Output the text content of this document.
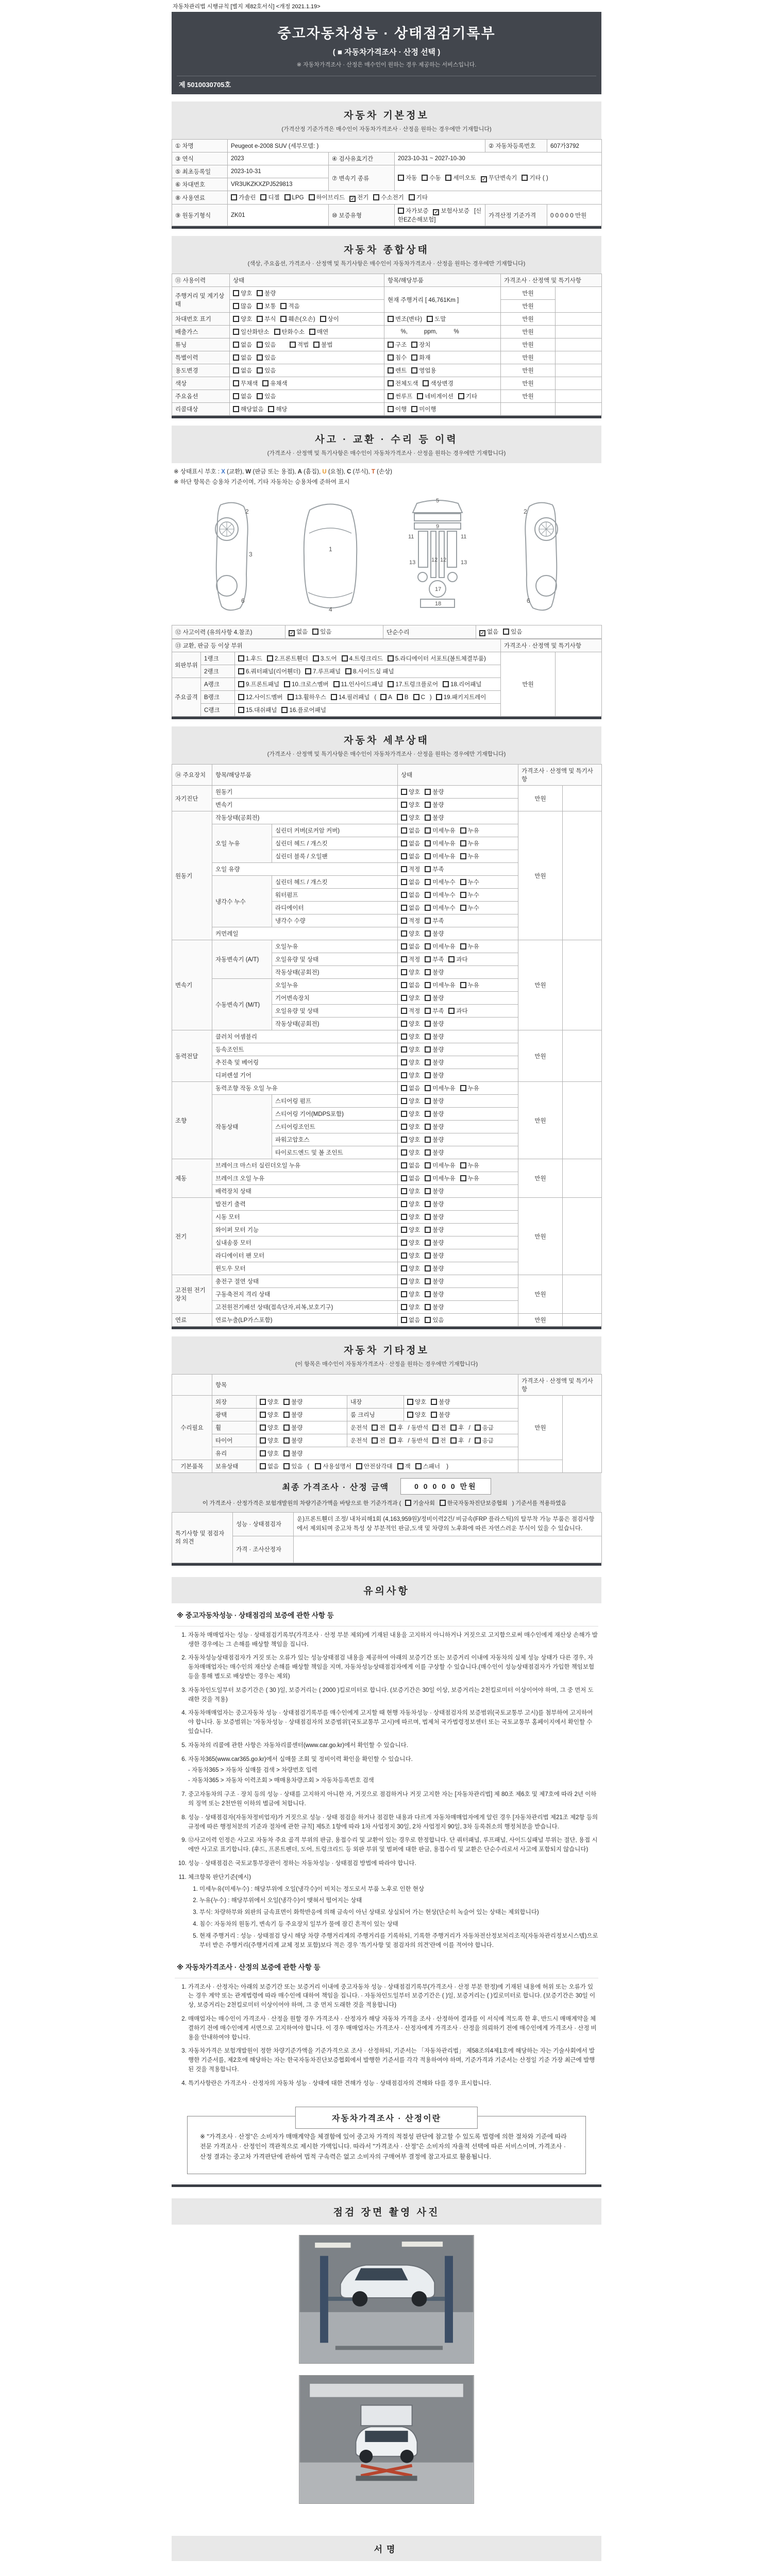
자동차관리법 시행규칙 [별지 제82호서식] <개정 2021.1.19>
중고자동차성능 · 상태점검기록부
( ■ 자동차가격조사 · 산정 선택 )
※ 자동차가격조사 · 산정은 매수인이 원하는 경우 제공하는 서비스입니다.
제 5010030705호
자동차 기본정보
(가격산정 기준가격은 매수인이 자동차가격조사 · 산정을 원하는 경우에만 기재합니다)
① 차명	Peugeot e-2008 SUV (세부모델: )			② 자동차등록번호	607가3792
③ 연식	2023	④ 검사유효기간	2023-10-31 ~ 2027-10-30		
⑤ 최초등록일	2023-10-31	⑦ 변속기 종류	자동 수동 세미오토 ✓ 무단변속기 기타 ( )		
⑥ 차대번호	VR3UKZKXZPJ529813				
⑧ 사용연료	가솔린 디젤 LPG 하이브리드 ✓ 전기 수소전기 기타				
⑨ 원동기형식	ZK01	⑩ 보증유형	자가보증 ✓ 보험사보증 [신한EZ손해보험]	가격산정 기준가격	0 0 0 0 0 만원
자동차 종합상태
(색상, 주요옵션, 가격조사 · 산정액 및 특기사항은 매수인이 자동차가격조사 · 산정을 원하는 경우에만 기재합니다)
⑪ 사용이력	상태	항목/해당부품	가격조사 · 산정액 및 특기사항	
주행거리 및 계기상태	양호 불량	현재 주행거리 [ 46,761Km ]	만원	
	많음 보통 적음		만원	
차대번호 표기	양호 부식 훼손(오손) 상이	변조(변타) 도말	만원	
배출가스	일산화탄소 탄화수소 매연	%,          ppm,          %	만원	
튜닝	없음 있음 적법 불법	구조 장치	만원	
특별이력	없음 있음	침수 화재	만원	
용도변경	없음 있음	렌트 영업용	만원	
색상	무채색 유채색	전체도색 색상변경	만원	
주요옵션	없음 있음	썬루프 네비게이션 기타	만원	
리콜대상	해당없음 해당	이행 미이행		
사고 · 교환 · 수리 등 이력
(가격조사 · 산정액 및 특기사항은 매수인이 자동차가격조사 · 산정을 원하는 경우에만 기재합니다)
※ 상태표시 부호 : X (교환), W (판금 또는 용접), A (흠집), U (요철), C (부식), T (손상)
※ 하단 항목은 승용차 기준이며, 기타 자동차는 승용차에 준하여 표시
2
3
6
1
4
5
9
11	11
13	12 12	13
17
18
2
6
⑫ 사고이력 (유의사항 4.참조)	✓ 없음 있음	단순수리	✓ 없음 있음
⑬ 교환, 판금 등 이상 부위			가격조사 · 산정액 및 특기사항	
외판부위	1랭크	1.후드 2.프론트휀더 3.도어 4.트렁크리드 5.라디에이터 서포트(볼트체결부품)	만원	
	2랭크	6.쿼터패널(리어휀더) 7.루프패널 8.사이드실 패널		
주요골격	A랭크	9.프론트패널 10.크로스멤버 11.인사이드패널 17.트렁크플로어 18.리어패널		
	B랭크	12.사이드멤버 13.휠하우스 14.필러패널 ( A B C ) 19.패키지트레이		
	C랭크	15.대쉬패널 16.플로어패널		
자동차 세부상태
(가격조사 · 산정액 및 특기사항은 매수인이 자동차가격조사 · 산정을 원하는 경우에만 기재합니다)
⑭ 주요장치	항목/해당부품		상태	가격조사 · 산정액 및 특기사항	
자기진단	원동기		양호 불량	만원	
	변속기		양호 불량		
원동기	작동상태(공회전)		양호 불량	만원	
	오일 누유	실린더 커버(로커암 커버)	없음 미세누유 누유		
		실린더 헤드 / 개스킷	없음 미세누유 누유		
		실린더 블록 / 오일팬	없음 미세누유 누유		
	오일 유량		적정 부족		
	냉각수 누수	실린더 헤드 / 개스킷	없음 미세누수 누수		
		워터펌프	없음 미세누수 누수		
		라디에이터	없음 미세누수 누수		
		냉각수 수량	적정 부족		
	커먼레일		양호 불량		
변속기	자동변속기 (A/T)	오일누유	없음 미세누유 누유	만원	
		오일유량 및 상태	적정 부족 과다		
		작동상태(공회전)	양호 불량		
	수동변속기 (M/T)	오일누유	없음 미세누유 누유		
		기어변속장치	양호 불량		
		오일유량 및 상태	적정 부족 과다		
		작동상태(공회전)	양호 불량		
동력전달	클러치 어셈블리		양호 불량	만원	
	등속조인트		양호 불량		
	추진축 및 베어링		양호 불량		
	디퍼렌셜 기어		양호 불량		
조향	동력조향 작동 오일 누유		없음 미세누유 누유	만원	
	작동상태	스티어링 펌프	양호 불량		
		스티어링 기어(MDPS포함)	양호 불량		
		스티어링조인트	양호 불량		
		파워고압호스	양호 불량		
		타이로드엔드 및 볼 조인트	양호 불량		
제동	브레이크 마스터 실린더오일 누유		없음 미세누유 누유	만원	
	브레이크 오일 누유		없음 미세누유 누유		
	배력장치 상태		양호 불량		
전기	발전기 출력		양호 불량	만원	
	시동 모터		양호 불량		
	와이퍼 모터 기능		양호 불량		
	실내송풍 모터		양호 불량		
	라디에이터 팬 모터		양호 불량		
	윈도우 모터		양호 불량		
고전원 전기장치	충전구 절연 상태		양호 불량	만원	
	구동축전지 격리 상태		양호 불량		
	고전원전기배선 상태(접속단자,피복,보호기구)		양호 불량		
연료	연료누출(LP가스포함)		없음 있음	만원	
자동차 기타정보
(이 항목은 매수인이 자동차가격조사 · 산정을 원하는 경우에만 기재합니다)
	항목				가격조사 · 산정액 및 특기사항	
수리필요	외장	양호 불량	내장	양호 불량	만원	
	광택	양호 불량	룸 크리닝	양호 불량		
	휠	양호 불량	운전석 전 후 / 동반석 전 후 / 응급			
	타이어	양호 불량	운전석 전 후 / 동반석 전 후 / 응급			
	유리	양호 불량				
기본품목	보유상태	없음 있음 ( 사용설명서 안전삼각대 잭 스패너 )				
최종 가격조사 · 산정 금액	0 0 0 0 0 만원
이 가격조사 · 산정가격은 보험개발원의 차량기준가액을 바탕으로 한 기준가격과 ( 기술사회 한국자동차진단보증협회 ) 기준서를 적용하였음
특기사항 및 점검자의 의견	성능 · 상태점검자	운)프론트휀더 조정/ 내차피해1회 (4,163,959원)/정비이력2건/ 비금속(FRP 플라스틱)의 탈부착 가능 부품은 점검사항에서 제외되며 중고차 특성 상 부분적인 판금,도색 및 차량의 노후화에 따른 자연스러운 부식이 있을 수 있습니다.
	가격 · 조사산정자	
유의사항
※ 중고자동차성능 · 상태점검의 보증에 관한 사항 등
1. 자동차 매매업자는 성능 · 상태점검기록부(가격조사 · 산정 부분 제외)에 기재된 내용을 고지하지 아니하거나 거짓으로 고지함으로써 매수인에게 재산상 손해가 발생한 경우에는 그 손해를 배상할 책임을 집니다.
2. 자동차성능상태점검자가 거짓 또는 오류가 있는 성능상태점검 내용을 제공하여 아래의 보증기간 또는 보증거리 이내에 자동차의 실제 성능 상태가 다른 경우, 자동차매매업자는 매수인의 재산상 손해를 배상할 책임을 지며, 자동차성능상태점검자에게 이를 구상할 수 있습니다.(매수인이 성능상태점검자가 가입한 책임보험 등을 통해 별도로 배상받는 경우는 제외)
3. 자동차인도일부터 보증기간은 ( 30 )일, 보증거리는 ( 2000 )킬로미터로 합니다. (보증기간은 30일 이상, 보증거리는 2천킬로미터 이상이어야 하며, 그 중 먼저 도래한 것을 적용)
4. 자동차매매업자는 중고자동차 성능 · 상태점검기록부를 매수인에게 고지할 때 현행 자동차성능 · 상태점검자의 보증범위(국토교통부 고시)를 첨부하여 고지하여야 합니다. 동 보증범위는 '자동차성능 · 상태점검자의 보증범위'(국토교통부 고시)에 따르며, 법제처 국가법령정보센터 또는 국토교통부 홈페이지에서 확인할 수 있습니다.
5. 자동차의 리콜에 관한 사항은 자동차리콜센터(www.car.go.kr)에서 확인할 수 있습니다.
6. 자동차365(www.car365.go.kr)에서 실매물 조회 및 정비이력 확인을 확인할 수 있습니다.
- 자동차365 > 자동차 실매물 검색 > 차량번호 입력
- 자동차365 > 자동차 이력조회 > 매매용차량조회 > 자동차등록번호 검색
7. 중고자동차의 구조 · 장치 등의 성능 · 상태를 고지하지 아니한 자, 거짓으로 점검하거나 거짓 고지한 자는 [자동차관리법] 제 80조 제6호 및 제7호에 따라 2년 이하의 징역 또는 2천만원 이하의 벌금에 처합니다.
8. 성능 · 상태점검자(자동차정비업자)가 거짓으로 성능 · 상태 점검을 하거나 점검한 내용과 다르게 자동차매매업자에게 알린 경우 [자동차관리법 제21조 제2항 등의 규정에 따른 행정처분의 기준과 절차에 관한 규칙] 제5조 1항에 따라 1차 사업정지 30일, 2차 사업정지 90일, 3차 등록취소의 행정처분을 받습니다.
9. ⑫사고이력 인정은 사고로 자동차 주요 골격 부위의 판금, 용접수리 및 교환이 있는 경우로 한정합니다. 단 쿼터패널, 루프패널, 사이드실패널 부위는 절단, 용접 시에만 사고로 표기합니다. (후드, 프론트펜더, 도어, 트렁크리드 등 외판 부위 및 범퍼에 대한 판금, 용접수리 및 교환은 단순수리로서 사고에 포함되지 않습니다)
10. 성능 · 상태점검은 국토교통부장관이 정하는 자동차성능 · 상태점검 방법에 따라야 합니다.
11. 체크항목 판단기준(예시)
1. 미세누유(미세누수) : 해당부위에 오일(냉각수)이 비치는 정도로서 부품 노후로 인한 현상
2. 누유(누수) : 해당부위에서 오일(냉각수)이 맺혀서 떨어지는 상태
3. 부식: 차량하부와 외판의 금속표면이 화학반응에 의해 금속이 아닌 상태로 상실되어 가는 현상(단순히 녹슬어 있는 상태는 제외합니다)
4. 침수: 자동차의 원동기, 변속기 등 주요장치 일부가 물에 잠긴 흔적이 있는 상태
5. 현재 주행거리 : 성능 · 상태점검 당시 해당 차량 주행거리계의 주행거리를 기록하되, 기록한 주행거리가 자동차전산정보처리조직(자동차관리정보시스템)으로부터 받은 주행거리(주행거리계 교체 정보 포함)보다 적은 경우 '특기사항 및 점검자의 의견'란에 이를 적어야 합니다.
※ 자동차가격조사 · 산정의 보증에 관한 사항 등
1. 가격조사 · 산정자는 아래의 보증기간 또는 보증거리 이내에 중고자동차 성능 · 상태점검기록부(가격조사 · 산정 부분 한정)에 기재된 내용에 허위 또는 오류가 있는 경우 계약 또는 관계법령에 따라 매수인에 대하여 책임을 집니다. · 자동차인도일부터 보증기간은 ( )일, 보증거리는 ( )킬로미터로 합니다. (보증기간은 30일 이상, 보증거리는 2천킬로미터 이상이어야 하며, 그 중 먼저 도래한 것을 적용합니다)
2. 매매업자는 매수인이 가격조사 · 산정을 원할 경우 가격조사 · 산정자가 해당 자동차 가격을 조사 · 산정하여 결과를 이 서식에 적도록 한 후, 반드시 매매계약을 체결하기 전에 매수인에게 서면으로 고지하여야 합니다. 이 경우 매매업자는 가격조사 · 산정자에게 가격조사 · 산정을 의뢰하기 전에 매수인에게 가격조사 · 산정 비용을 안내하여야 합니다.
3. 자동차가격은 보험개발원이 정한 차량기준가액을 기준가격으로 조사 · 산정하되, 기준서는 「자동차관리법」 제58조의4제1호에 해당하는 자는 기술사회에서 발행한 기준서를, 제2호에 해당하는 자는 한국자동차진단보증협회에서 발행한 기준서를 각각 적용하여야 하며, 기준가격과 기준서는 산정일 기준 가장 최근에 발행된 것을 적용합니다.
4. 특기사항란은 가격조사 · 산정자의 자동차 성능 · 상태에 대한 견해가 성능 · 상태점검자의 견해와 다를 경우 표시합니다.
자동차가격조사 · 산정이란

※ "가격조사 · 산정"은 소비자가 매매계약을 체결함에 있어 중고차 가격의 적절성 판단에 참고할 수 있도록 법령에 의한 절차와 기준에 따라 전문 가격조사 · 산정인이 객관적으로 제시한 가액입니다. 따라서 "가격조사 · 산정"은 소비자의 자율적 선택에 따른 서비스이며, 가격조사 · 산정 결과는 중고차 가격판단에 관하여 법적 구속력은 없고 소비자의 구매여부 결정에 참고자료로 활용됩니다.

점검 장면 촬영 사진
서명
